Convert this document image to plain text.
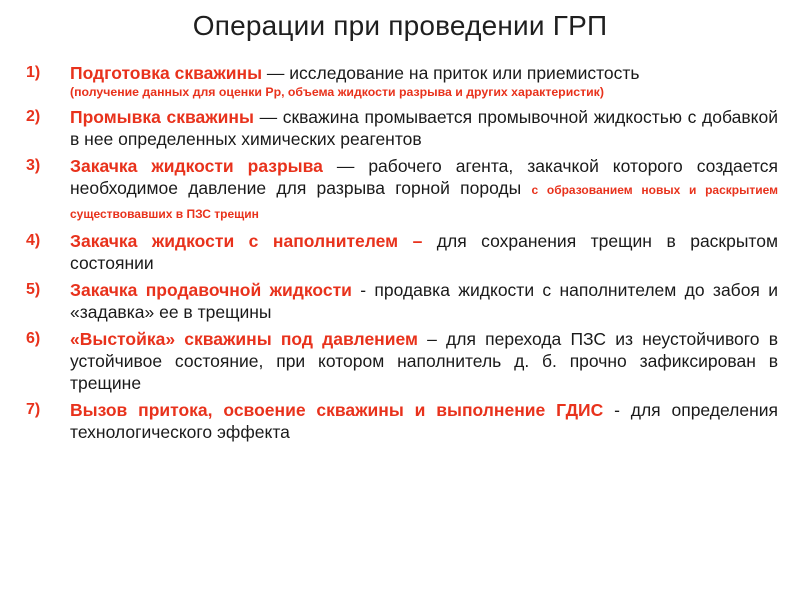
Операции при проведении ГРП
1)	Подготовка скважины — исследование на приток или приемистость
(получение данных для оценки Рр, объема жидкости разрыва и других характеристик)
2)	Промывка скважины — скважина промывается промывочной жидкостью с добавкой в нее определенных химических реагентов
3)	Закачка жидкости разрыва — рабочего агента, закачкой которого создается необходимое давление для разрыва горной породы с образованием новых и раскрытием существовавших в ПЗС трещин
4)	Закачка жидкости с наполнителем – для сохранения трещин в раскрытом состоянии
5)	Закачка продавочной жидкости - продавка жидкости с наполнителем до забоя и «задавка» ее в трещины
6)	«Выстойка» скважины под давлением – для перехода ПЗС из неустойчивого в устойчивое состояние, при котором наполнитель д. б. прочно зафиксирован в трещине
7)	Вызов притока, освоение скважины и выполнение ГДИС - для определения технологического эффекта
